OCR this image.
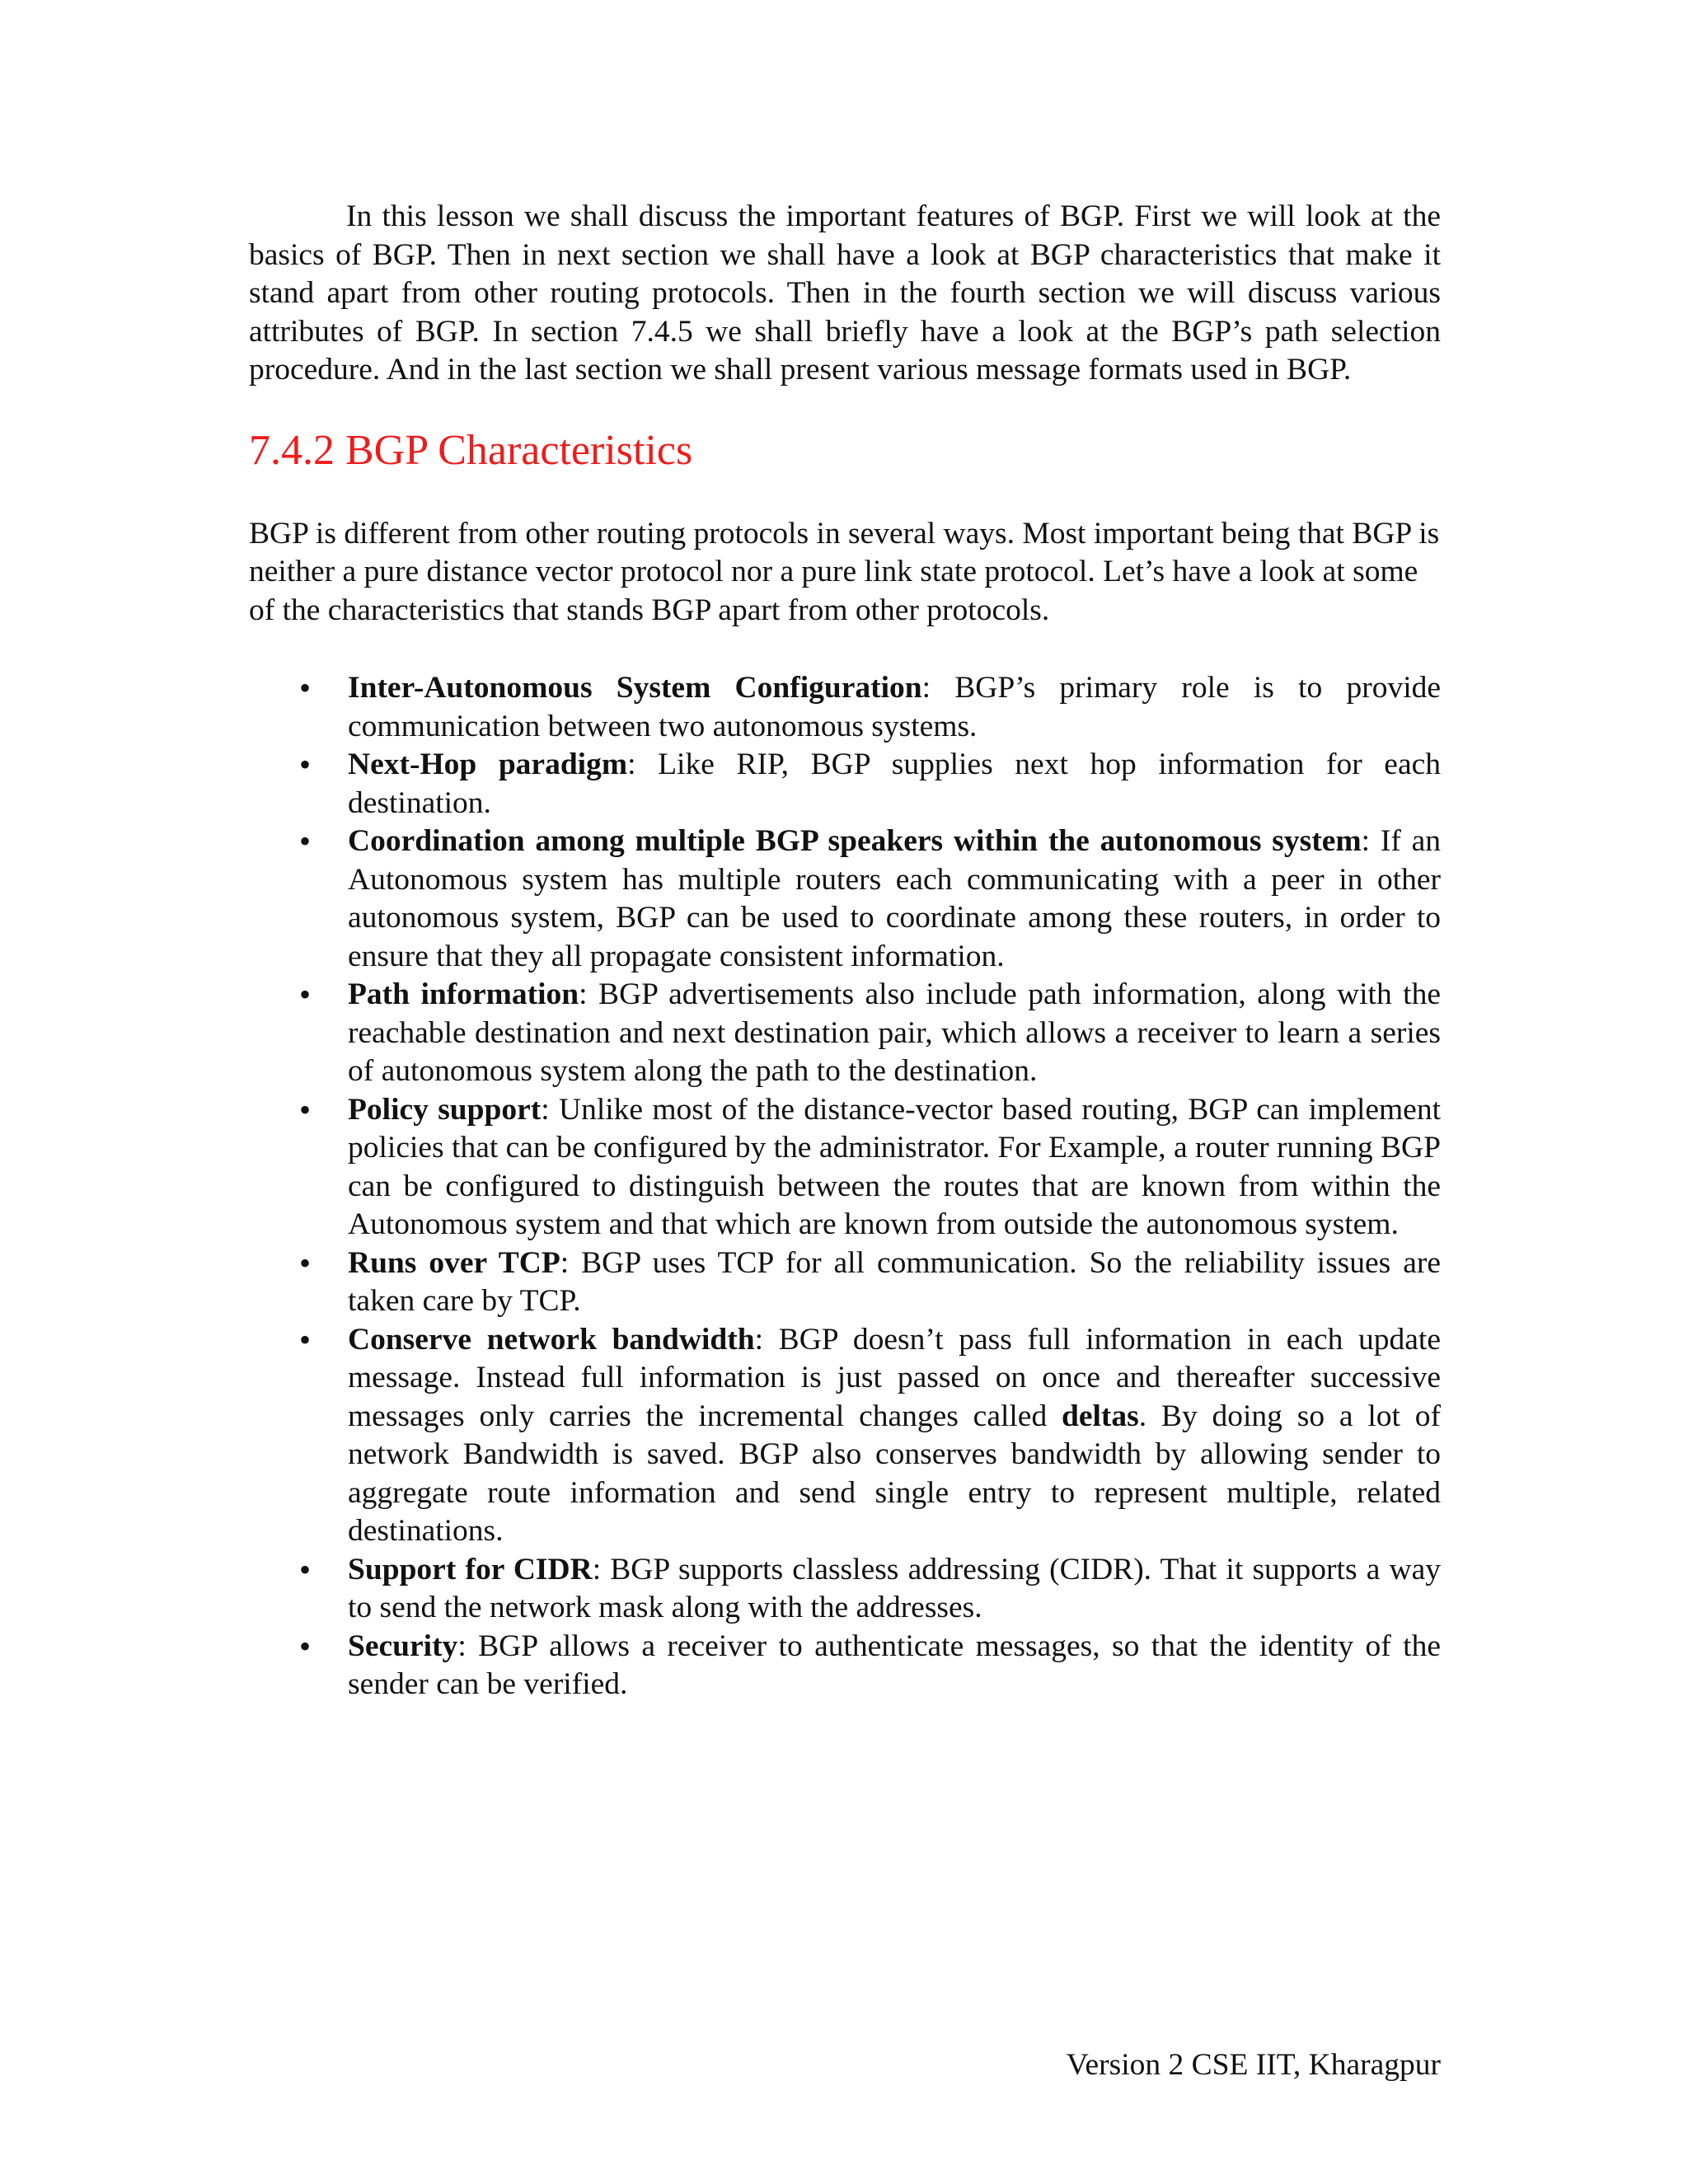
In this lesson we shall discuss the important features of BGP. First we will look at the basics of BGP. Then in next section we shall have a look at BGP characteristics that make it stand apart from other routing protocols. Then in the fourth section we will discuss various attributes of BGP. In section 7.4.5 we shall briefly have a look at the BGP’s path selection procedure. And in the last section we shall present various message formats used in BGP.

7.4.2 BGP Characteristics

BGP is different from other routing protocols in several ways. Most important being that BGP is neither a pure distance vector protocol nor a pure link state protocol. Let’s have a look at some of the characteristics that stands BGP apart from other protocols.

• Inter-Autonomous System Configuration: BGP’s primary role is to provide communication between two autonomous systems.
• Next-Hop paradigm: Like RIP, BGP supplies next hop information for each destination.
• Coordination among multiple BGP speakers within the autonomous system: If an Autonomous system has multiple routers each communicating with a peer in other autonomous system, BGP can be used to coordinate among these routers, in order to ensure that they all propagate consistent information.
• Path information: BGP advertisements also include path information, along with the reachable destination and next destination pair, which allows a receiver to learn a series of autonomous system along the path to the destination.
• Policy support: Unlike most of the distance-vector based routing, BGP can implement policies that can be configured by the administrator. For Example, a router running BGP can be configured to distinguish between the routes that are known from within the Autonomous system and that which are known from outside the autonomous system.
• Runs over TCP: BGP uses TCP for all communication. So the reliability issues are taken care by TCP.
• Conserve network bandwidth: BGP doesn’t pass full information in each update message. Instead full information is just passed on once and thereafter successive messages only carries the incremental changes called deltas. By doing so a lot of network Bandwidth is saved. BGP also conserves bandwidth by allowing sender to aggregate route information and send single entry to represent multiple, related destinations.
• Support for CIDR: BGP supports classless addressing (CIDR). That it supports a way to send the network mask along with the addresses.
• Security: BGP allows a receiver to authenticate messages, so that the identity of the sender can be verified.
Version 2 CSE IIT, Kharagpur
